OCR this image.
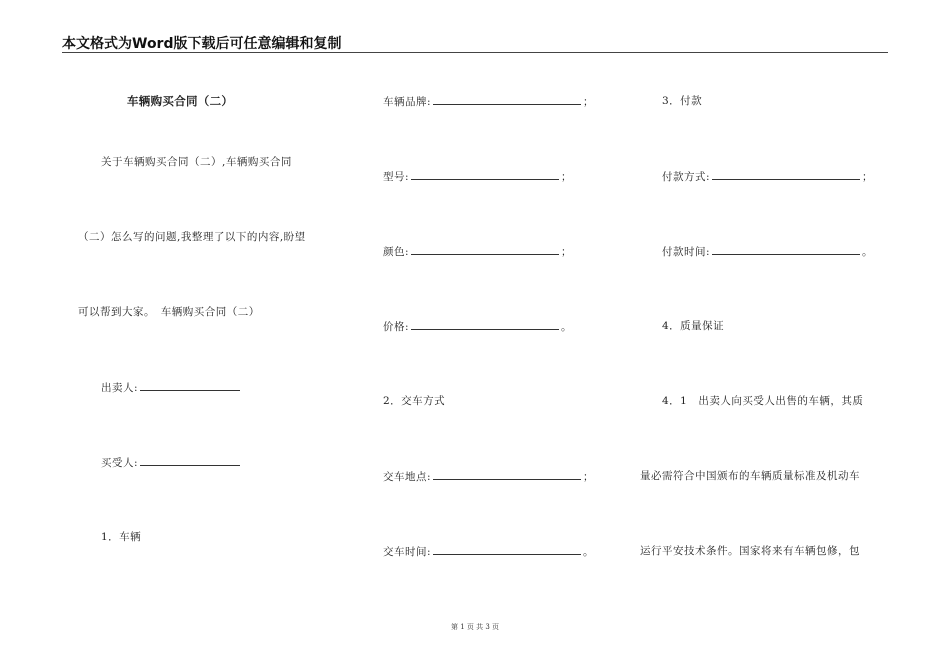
本文格式为Word版下载后可任意编辑和复制
车辆购买合同（二）
关于车辆购买合同（二）,车辆购买合同
（二）怎么写的问题,我整理了以下的内容,盼望
可以帮到大家。　车辆购买合同（二）
出卖人:
买受人:
1．车辆
车辆品牌:	；
型号:	；
颜色:	；
价格:	。
2．交车方式
交车地点:	；
交车时间:	。
3．付款
付款方式:	；
付款时间:	。
4．质量保证
4．1　出卖人向买受人出售的车辆，其质
量必需符合中国颁布的车辆质量标准及机动车
运行平安技术条件。国家将来有车辆包修，包
第 1 页 共 3 页
